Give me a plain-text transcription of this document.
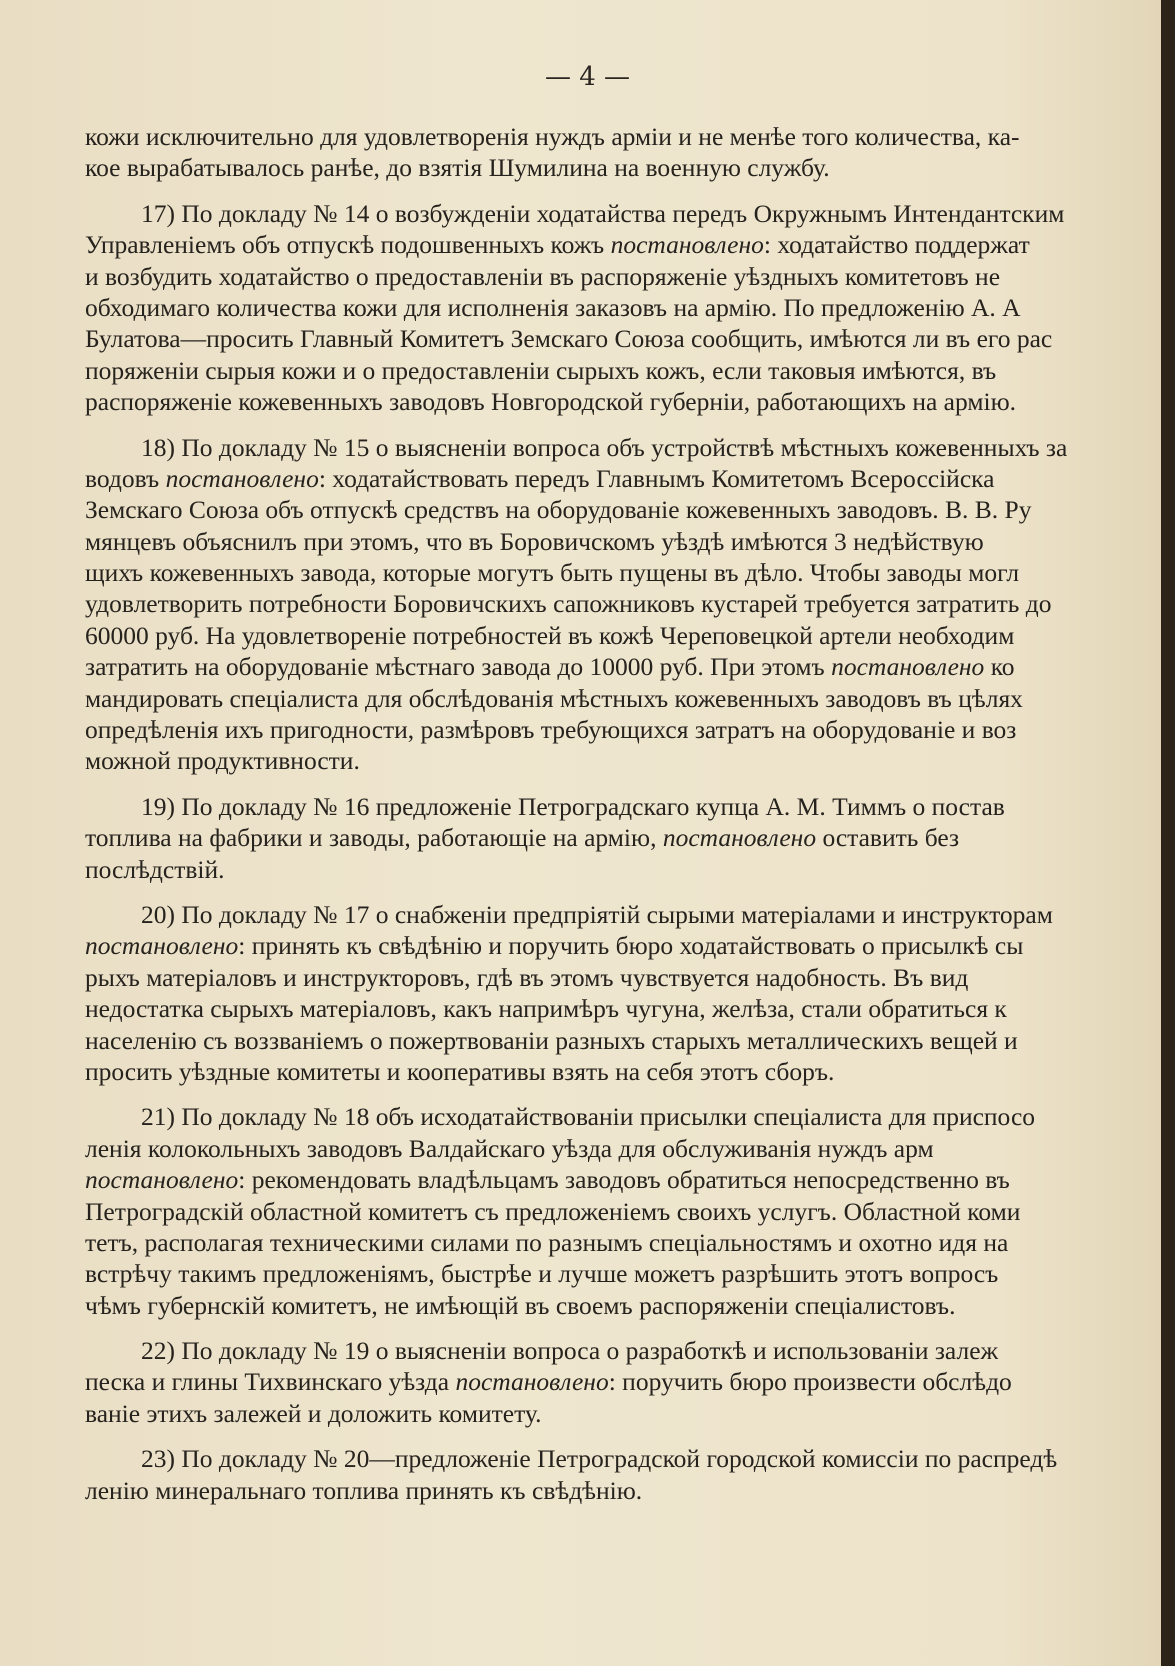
— 4 —
кожи исключительно для удовлетворенія нуждъ арміи и не менѣе того количества, ка-
кое вырабатывалось ранѣе, до взятія Шумилина на военную службу.
17) По докладу № 14 о возбужденіи ходатайства передъ Окружнымъ Интендантским
Управленіемъ объ отпускѣ подошвенныхъ кожъ постановлено: ходатайство поддержат
и возбудить ходатайство о предоставленіи въ распоряженіе уѣздныхъ комитетовъ не
обходимаго количества кожи для исполненія заказовъ на армію. По предложенію А. А
Булатова—просить Главный Комитетъ Земскаго Союза сообщить, имѣются ли въ его рас
поряженіи сырыя кожи и о предоставленіи сырыхъ кожъ, если таковыя имѣются, въ
распоряженіе кожевенныхъ заводовъ Новгородской губерніи, работающихъ на армію.
18) По докладу № 15 о выясненіи вопроса объ устройствѣ мѣстныхъ кожевенныхъ за
водовъ постановлено: ходатайствовать передъ Главнымъ Комитетомъ Всероссійска
Земскаго Союза объ отпускѣ средствъ на оборудованіе кожевенныхъ заводовъ. В. В. Ру
мянцевъ объяснилъ при этомъ, что въ Боровичскомъ уѣздѣ имѣются 3 недѣйствую
щихъ кожевенныхъ завода, которые могутъ быть пущены въ дѣло. Чтобы заводы могл
удовлетворить потребности Боровичскихъ сапожниковъ кустарей требуется затратить до
60000 руб. На удовлетвореніе потребностей въ кожѣ Череповецкой артели необходим
затратить на оборудованіе мѣстнаго завода до 10000 руб. При этомъ постановлено ко
мандировать спеціалиста для обслѣдованія мѣстныхъ кожевенныхъ заводовъ въ цѣлях
опредѣленія ихъ пригодности, размѣровъ требующихся затратъ на оборудованіе и воз
можной продуктивности.
19) По докладу № 16 предложеніе Петроградскаго купца А. М. Тиммъ о постав
топлива на фабрики и заводы, работающіе на армію, постановлено оставить без
послѣдствій.
20) По докладу № 17 о снабженіи предпріятій сырыми матеріалами и инструкторам
постановлено: принять къ свѣдѣнію и поручить бюро ходатайствовать о присылкѣ сы
рыхъ матеріаловъ и инструкторовъ, гдѣ въ этомъ чувствуется надобность. Въ вид
недостатка сырыхъ матеріаловъ, какъ напримѣръ чугуна, желѣза, стали обратиться к
населенію съ воззваніемъ о пожертвованіи разныхъ старыхъ металлическихъ вещей и
просить уѣздные комитеты и кооперативы взять на себя этотъ сборъ.
21) По докладу № 18 объ исходатайствованіи присылки спеціалиста для приспосо
ленія колокольныхъ заводовъ Валдайскаго уѣзда для обслуживанія нуждъ арм
постановлено: рекомендовать владѣльцамъ заводовъ обратиться непосредственно въ
Петроградскій областной комитетъ съ предложеніемъ своихъ услугъ. Областной коми
тетъ, располагая техническими силами по разнымъ спеціальностямъ и охотно идя на
встрѣчу такимъ предложеніямъ, быстрѣе и лучше можетъ разрѣшить этотъ вопросъ
чѣмъ губернскій комитетъ, не имѣющій въ своемъ распоряженіи спеціалистовъ.
22) По докладу № 19 о выясненіи вопроса о разработкѣ и использованіи залеж
песка и глины Тихвинскаго уѣзда постановлено: поручить бюро произвести обслѣдо
ваніе этихъ залежей и доложить комитету.
23) По докладу № 20—предложеніе Петроградской городской комиссіи по распредѣ
ленію минеральнаго топлива принять къ свѣдѣнію.
